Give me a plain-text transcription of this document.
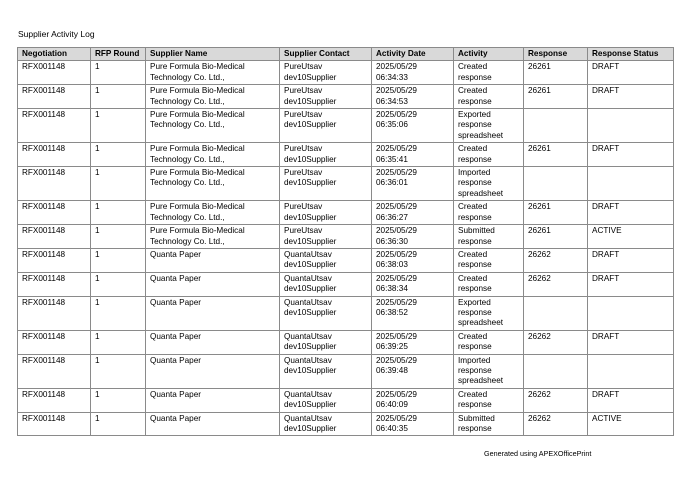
Supplier Activity Log
Negotiation	RFP Round	Supplier Name	Supplier Contact	Activity Date	Activity	Response	Response Status
RFX001148	1	Pure Formula Bio-Medical Technology Co. Ltd.,	PureUtsav dev10Supplier	2025/05/29 06:34:33	Created response	26261	DRAFT
RFX001148	1	Pure Formula Bio-Medical Technology Co. Ltd.,	PureUtsav dev10Supplier	2025/05/29 06:34:53	Created response	26261	DRAFT
RFX001148	1	Pure Formula Bio-Medical Technology Co. Ltd.,	PureUtsav dev10Supplier	2025/05/29 06:35:06	Exported response spreadsheet		
RFX001148	1	Pure Formula Bio-Medical Technology Co. Ltd.,	PureUtsav dev10Supplier	2025/05/29 06:35:41	Created response	26261	DRAFT
RFX001148	1	Pure Formula Bio-Medical Technology Co. Ltd.,	PureUtsav dev10Supplier	2025/05/29 06:36:01	Imported response spreadsheet		
RFX001148	1	Pure Formula Bio-Medical Technology Co. Ltd.,	PureUtsav dev10Supplier	2025/05/29 06:36:27	Created response	26261	DRAFT
RFX001148	1	Pure Formula Bio-Medical Technology Co. Ltd.,	PureUtsav dev10Supplier	2025/05/29 06:36:30	Submitted response	26261	ACTIVE
RFX001148	1	Quanta Paper	QuantaUtsav dev10Supplier	2025/05/29 06:38:03	Created response	26262	DRAFT
RFX001148	1	Quanta Paper	QuantaUtsav dev10Supplier	2025/05/29 06:38:34	Created response	26262	DRAFT
RFX001148	1	Quanta Paper	QuantaUtsav dev10Supplier	2025/05/29 06:38:52	Exported response spreadsheet		
RFX001148	1	Quanta Paper	QuantaUtsav dev10Supplier	2025/05/29 06:39:25	Created response	26262	DRAFT
RFX001148	1	Quanta Paper	QuantaUtsav dev10Supplier	2025/05/29 06:39:48	Imported response spreadsheet		
RFX001148	1	Quanta Paper	QuantaUtsav dev10Supplier	2025/05/29 06:40:09	Created response	26262	DRAFT
RFX001148	1	Quanta Paper	QuantaUtsav dev10Supplier	2025/05/29 06:40:35	Submitted response	26262	ACTIVE
Generated using APEXOfficePrint
